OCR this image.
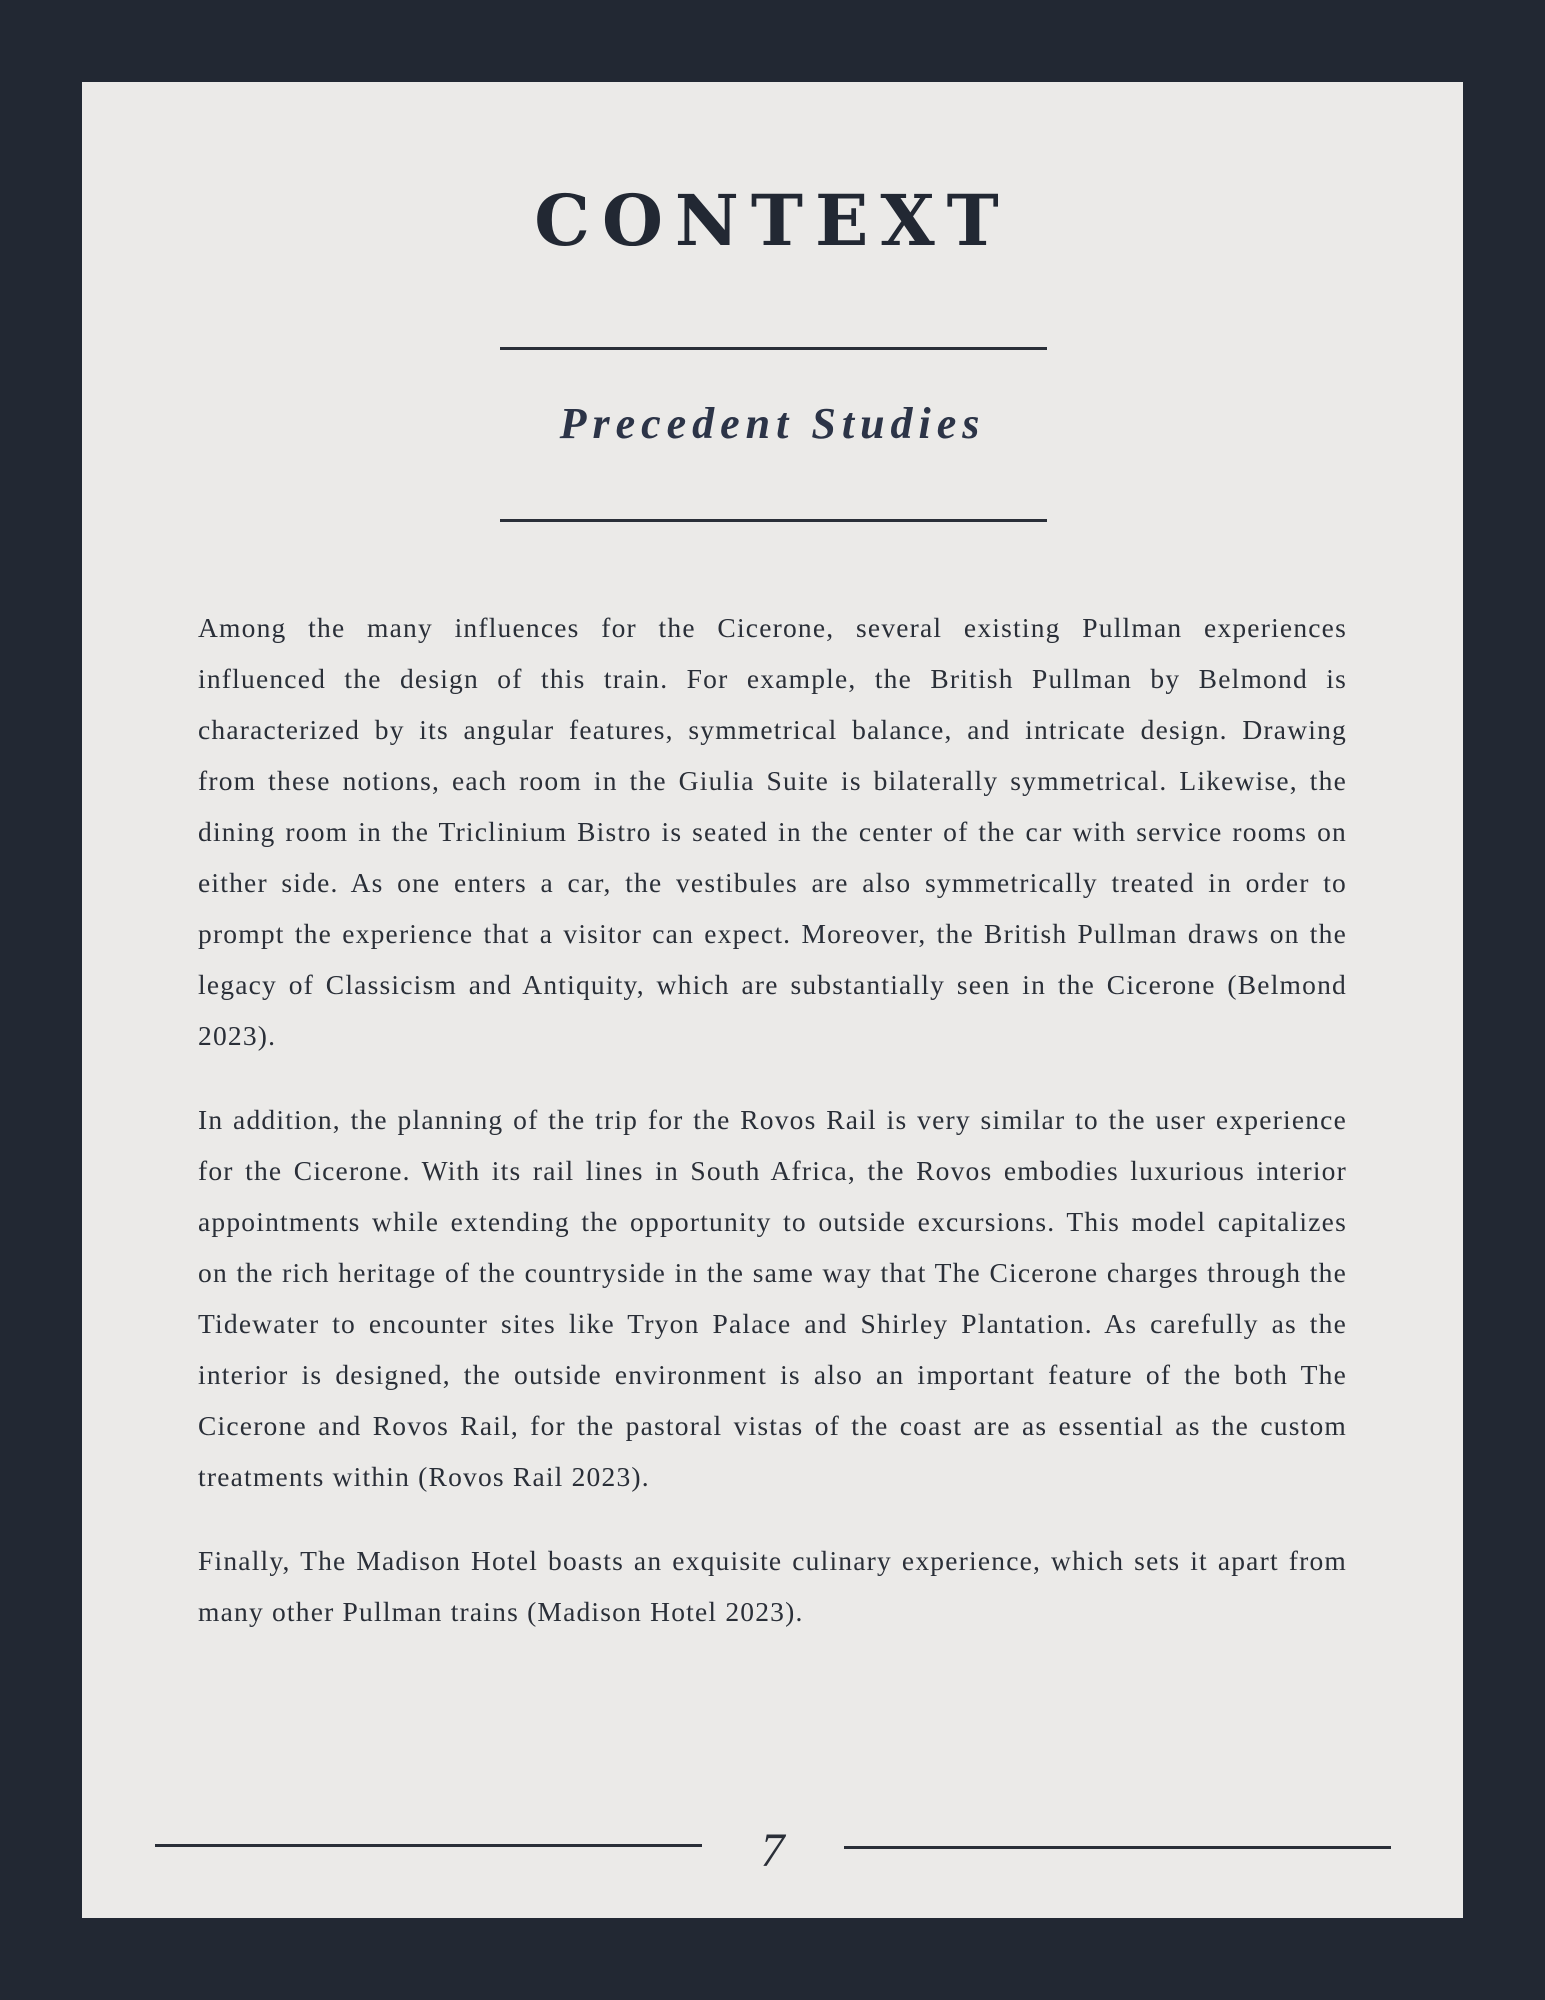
CONTEXT
Precedent Studies

Among the many influences for the Cicerone, several existing Pullman experiences influenced the design of this train. For example, the British Pullman by Belmond is characterized by its angular features, symmetrical balance, and intricate design. Drawing from these notions, each room in the Giulia Suite is bilaterally symmetrical. Likewise, the dining room in the Triclinium Bistro is seated in the center of the car with service rooms on either side. As one enters a car, the vestibules are also symmetrically treated in order to prompt the experience that a visitor can expect. Moreover, the British Pullman draws on the legacy of Classicism and Antiquity, which are substantially seen in the Cicerone (Belmond 2023).

In addition, the planning of the trip for the Rovos Rail is very similar to the user experience for the Cicerone. With its rail lines in South Africa, the Rovos embodies luxurious interior appointments while extending the opportunity to outside excursions. This model capitalizes on the rich heritage of the countryside in the same way that The Cicerone charges through the Tidewater to encounter sites like Tryon Palace and Shirley Plantation. As carefully as the interior is designed, the outside environment is also an important feature of the both The Cicerone and Rovos Rail, for the pastoral vistas of the coast are as essential as the custom treatments within (Rovos Rail 2023).

Finally, The Madison Hotel boasts an exquisite culinary experience, which sets it apart from many other Pullman trains (Madison Hotel 2023).

7
